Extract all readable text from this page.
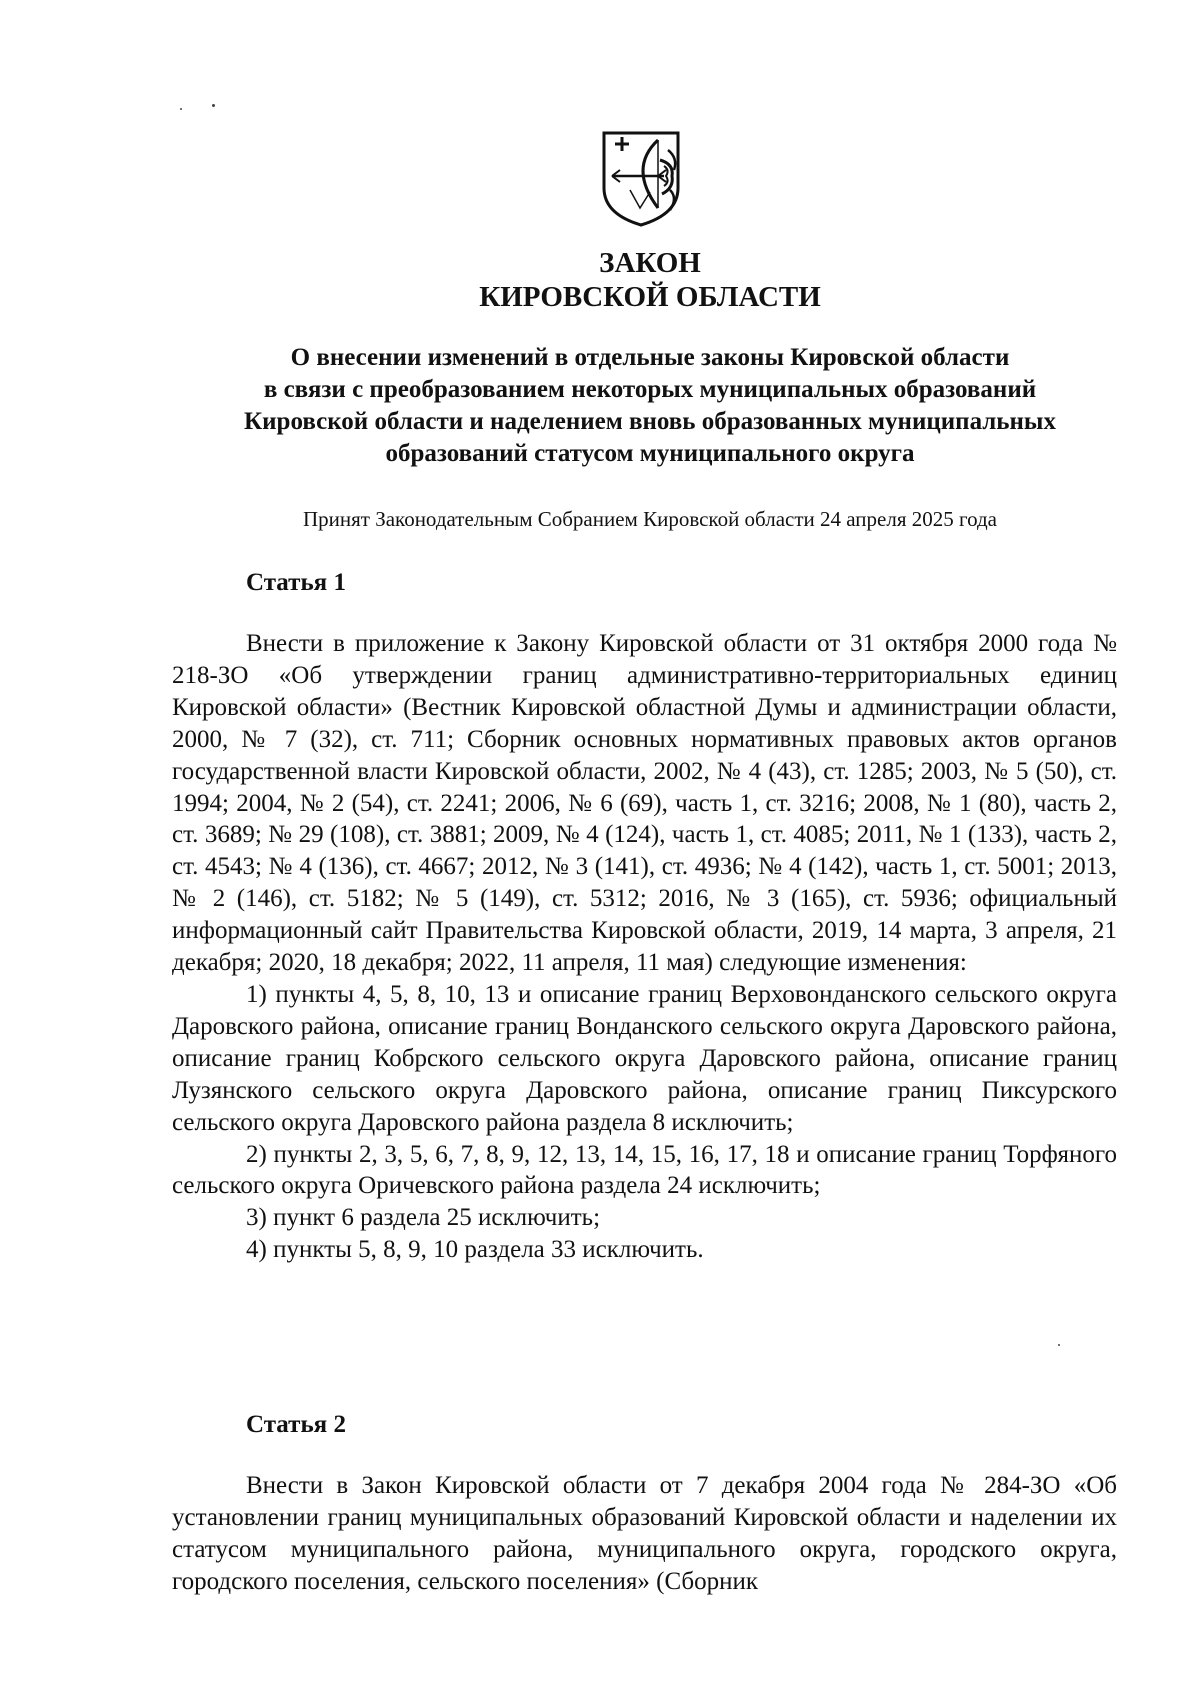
ЗАКОН
КИРОВСКОЙ ОБЛАСТИ
О внесении изменений в отдельные законы Кировской области
в связи с преобразованием некоторых муниципальных образований
Кировской области и наделением вновь образованных муниципальных
образований статусом муниципального округа
Принят Законодательным Собранием Кировской области 24 апреля 2025 года
Статья 1

Внести в приложение к Закону Кировской области от 31 октября 2000 года № 218-ЗО «Об утверждении границ административно-территориальных единиц Кировской области» (Вестник Кировской областной Думы и администрации области, 2000, № 7 (32), ст. 711; Сборник основных нормативных правовых актов органов государственной власти Кировской области, 2002, № 4 (43), ст. 1285; 2003, № 5 (50), ст. 1994; 2004, № 2 (54), ст. 2241; 2006, № 6 (69), часть 1, ст. 3216; 2008, № 1 (80), часть 2, ст. 3689; № 29 (108), ст. 3881; 2009, № 4 (124), часть 1, ст. 4085; 2011, № 1 (133), часть 2, ст. 4543; № 4 (136), ст. 4667; 2012, № 3 (141), ст. 4936; № 4 (142), часть 1, ст. 5001; 2013, № 2 (146), ст. 5182; № 5 (149), ст. 5312; 2016, № 3 (165), ст. 5936; официальный информационный сайт Правительства Кировской области, 2019, 14 марта, 3 апреля, 21 декабря; 2020, 18 декабря; 2022, 11 апреля, 11 мая) следующие изменения:

1) пункты 4, 5, 8, 10, 13 и описание границ Верховонданского сельского округа Даровского района, описание границ Вонданского сельского округа Даровского района, описание границ Кобрского сельского округа Даровского района, описание границ Лузянского сельского округа Даровского района, описание границ Пиксурского сельского округа Даровского района раздела 8 исключить;

2) пункты 2, 3, 5, 6, 7, 8, 9, 12, 13, 14, 15, 16, 17, 18 и описание границ Торфяного сельского округа Оричевского района раздела 24 исключить;

3) пункт 6 раздела 25 исключить;

4) пункты 5, 8, 9, 10 раздела 33 исключить.

Статья 2

Внести в Закон Кировской области от 7 декабря 2004 года № 284-ЗО «Об установлении границ муниципальных образований Кировской области и наделении их статусом муниципального района, муниципального округа, городского округа, городского поселения, сельского поселения» (Сборник
